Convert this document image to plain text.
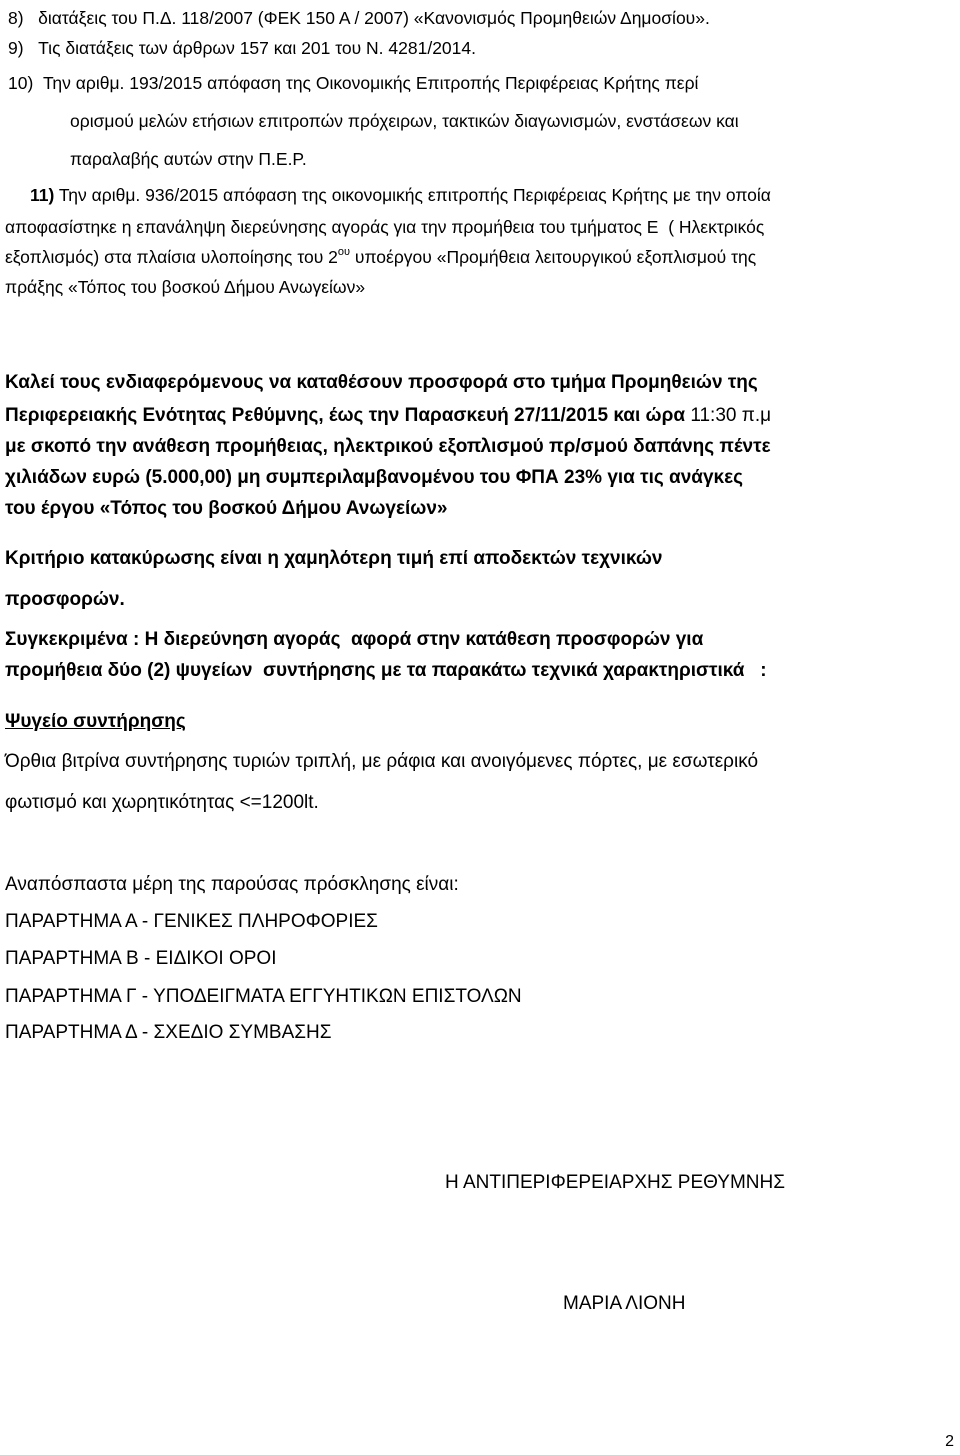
8)   διατάξεις του Π.Δ. 118/2007 (ΦΕΚ 150 Α / 2007) «Κανονισμός Προμηθειών Δημοσίου».
9)   Τις διατάξεις των άρθρων 157 και 201 του Ν. 4281/2014.
10)  Την αριθμ. 193/2015 απόφαση της Οικονομικής Επιτροπής Περιφέρειας Κρήτης περί
ορισμού μελών ετήσιων επιτροπών πρόχειρων, τακτικών διαγωνισμών, ενστάσεων και
παραλαβής αυτών στην Π.Ε.Ρ.
11) Την αριθμ. 936/2015 απόφαση της οικονομικής επιτροπής Περιφέρειας Κρήτης με την οποία
αποφασίστηκε η επανάληψη διερεύνησης αγοράς για την προμήθεια του τμήματος Ε  ( Ηλεκτρικός
εξοπλισμός) στα πλαίσια υλοποίησης του $2^{o\upsilon}$ υποέργου «Προμήθεια λειτουργικού εξοπλισμού της
πράξης «Τόπος του βοσκού Δήμου Ανωγείων»
Καλεί τους ενδιαφερόμενους να καταθέσουν προσφορά στο τμήμα Προμηθειών της
Περιφερειακής Ενότητας Ρεθύμνης, έως την Παρασκευή 27/11/2015 και ώρα 11:30 π.μ
με σκοπό την ανάθεση προμήθειας, ηλεκτρικού εξοπλισμού πρ/σμού δαπάνης πέντε
χιλιάδων ευρώ (5.000,00) μη συμπεριλαμβανομένου του ΦΠΑ 23% για τις ανάγκες
του έργου «Τόπος του βοσκού Δήμου Ανωγείων»
Κριτήριο κατακύρωσης είναι η χαμηλότερη τιμή επί αποδεκτών τεχνικών
προσφορών.
Συγκεκριμένα : Η διερεύνηση αγοράς  αφορά στην κατάθεση προσφορών για
προμήθεια δύο (2) ψυγείων  συντήρησης με τα παρακάτω τεχνικά χαρακτηριστικά   :
Ψυγείο συντήρησης
Όρθια βιτρίνα συντήρησης τυριών τριπλή, με ράφια και ανοιγόμενες πόρτες, με εσωτερικό
φωτισμό και χωρητικότητας <=1200lt.
Αναπόσπαστα μέρη της παρούσας πρόσκλησης είναι:
ΠΑΡΑΡΤΗΜΑ Α - ΓΕΝΙΚΕΣ ΠΛΗΡΟΦΟΡΙΕΣ
ΠΑΡΑΡΤΗΜΑ Β - ΕΙΔΙΚΟΙ ΟΡΟΙ
ΠΑΡΑΡΤΗΜΑ Γ - ΥΠΟΔΕΙΓΜΑΤΑ ΕΓΓΥΗΤΙΚΩΝ ΕΠΙΣΤΟΛΩΝ
ΠΑΡΑΡΤΗΜΑ Δ - ΣΧΕΔΙΟ ΣΥΜΒΑΣΗΣ
Η ΑΝΤΙΠΕΡΙΦΕΡΕΙΑΡΧΗΣ ΡΕΘΥΜΝΗΣ
ΜΑΡΙΑ ΛΙΟΝΗ
2
